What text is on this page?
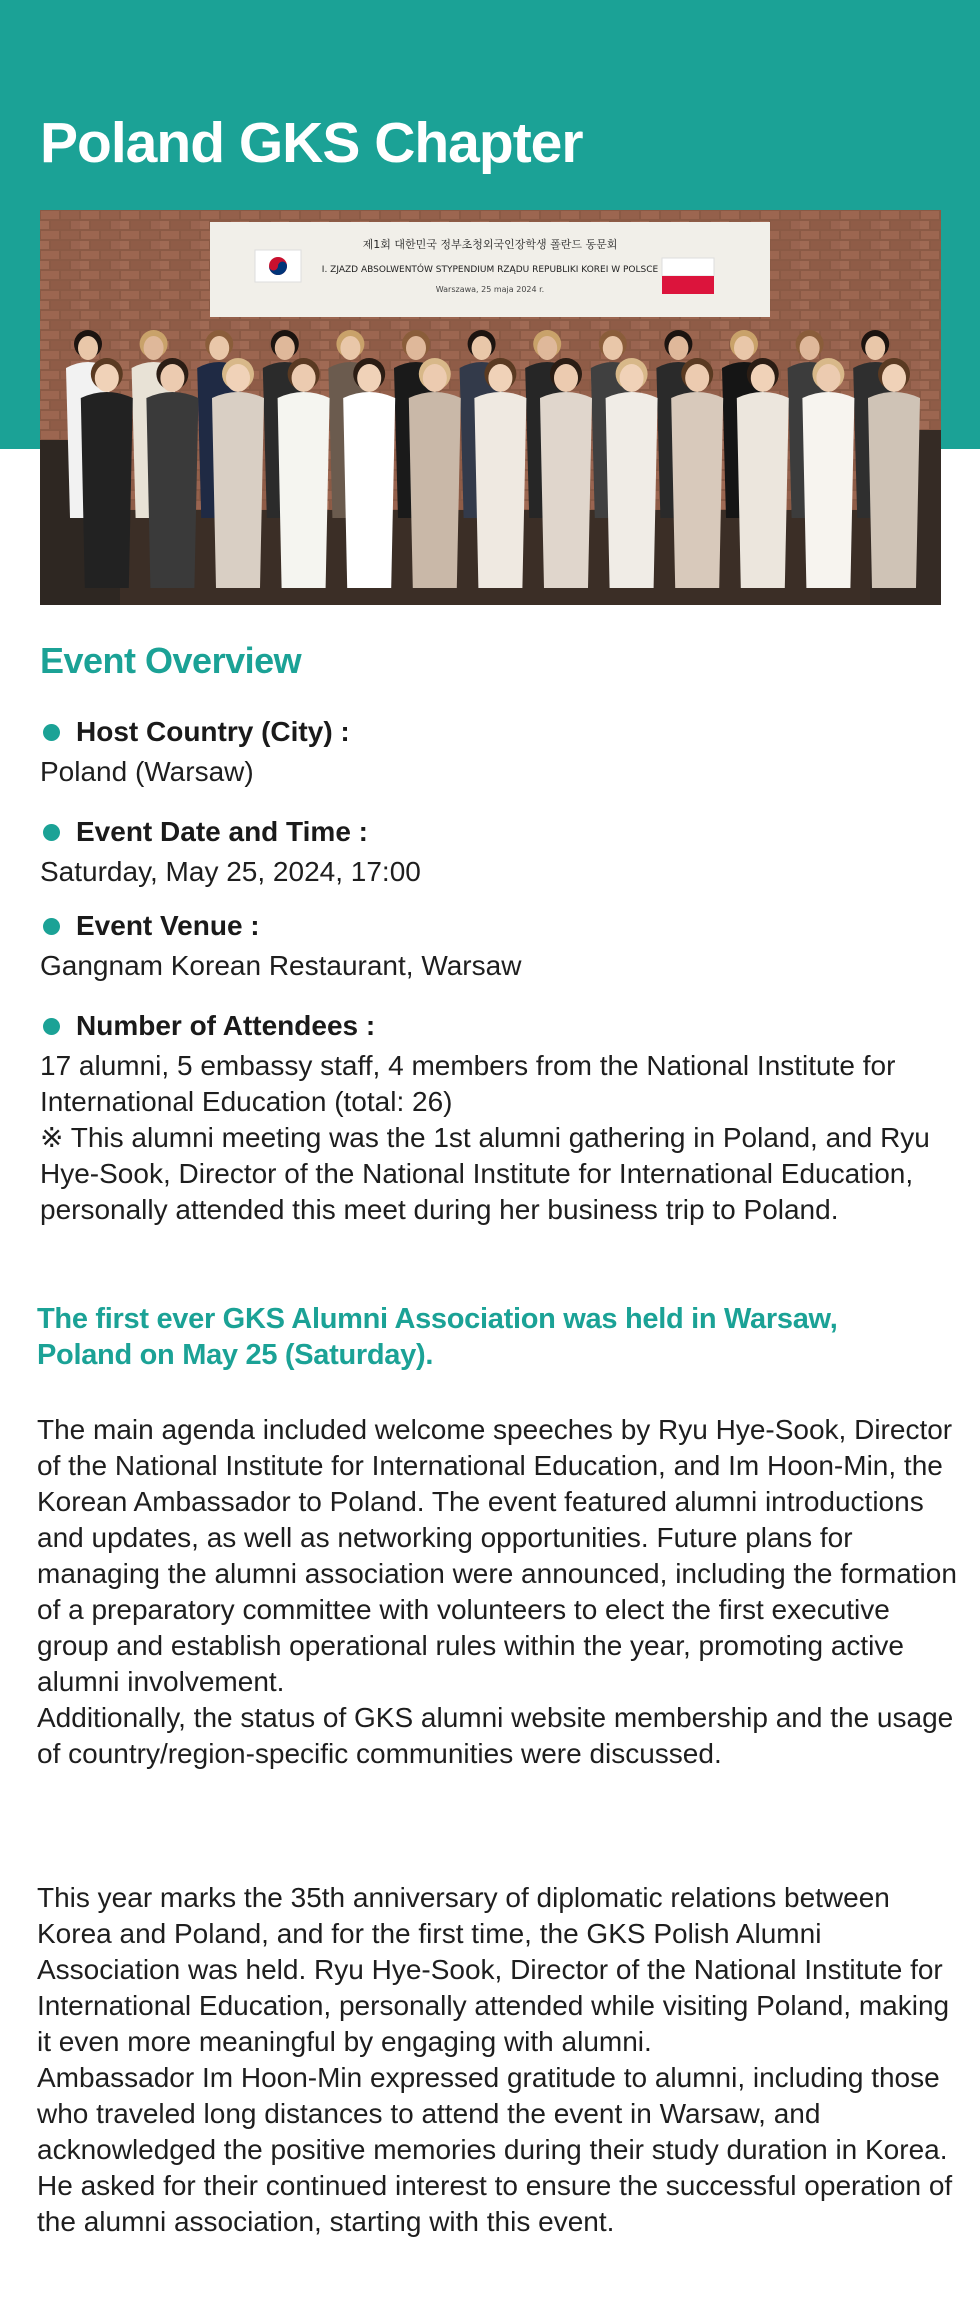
Poland GKS Chapter
제1회 대한민국 정부초청외국인장학생 폴란드 동문회
I. ZJAZD ABSOLWENTÓW STYPENDIUM RZĄDU REPUBLIKI KOREI W POLSCE
Warszawa, 25 maja 2024 r.
Event Overview
Host Country (City) :
Poland (Warsaw)
Event Date and Time :
Saturday, May 25, 2024, 17:00
Event Venue :
Gangnam Korean Restaurant, Warsaw
Number of Attendees :
17 alumni, 5 embassy staff, 4 members from the National Institute for International Education (total: 26)
※ This alumni meeting was the 1st alumni gathering in Poland, and Ryu Hye-Sook, Director of the National Institute for International Education, personally attended this meet during her business trip to Poland.
The first ever GKS Alumni Association was held in Warsaw, Poland on May 25 (Saturday).

The main agenda included welcome speeches by Ryu Hye-Sook, Director of the National Institute for International Education, and Im Hoon-Min, the Korean Ambassador to Poland. The event featured alumni introductions and updates, as well as networking opportunities. Future plans for managing the alumni association were announced, including the formation of a preparatory committee with volunteers to elect the first executive group and establish operational rules within the year, promoting active alumni involvement.

Additionally, the status of GKS alumni website membership and the usage of country/region-specific communities were discussed.

This year marks the 35th anniversary of diplomatic relations between Korea and Poland, and for the first time, the GKS Polish Alumni Association was held. Ryu Hye-Sook, Director of the National Institute for International Education, personally attended while visiting Poland, making it even more meaningful by engaging with alumni.

Ambassador Im Hoon-Min expressed gratitude to alumni, including those who traveled long distances to attend the event in Warsaw, and acknowledged the positive memories during their study duration in Korea. He asked for their continued interest to ensure the successful operation of the alumni association, starting with this event.
